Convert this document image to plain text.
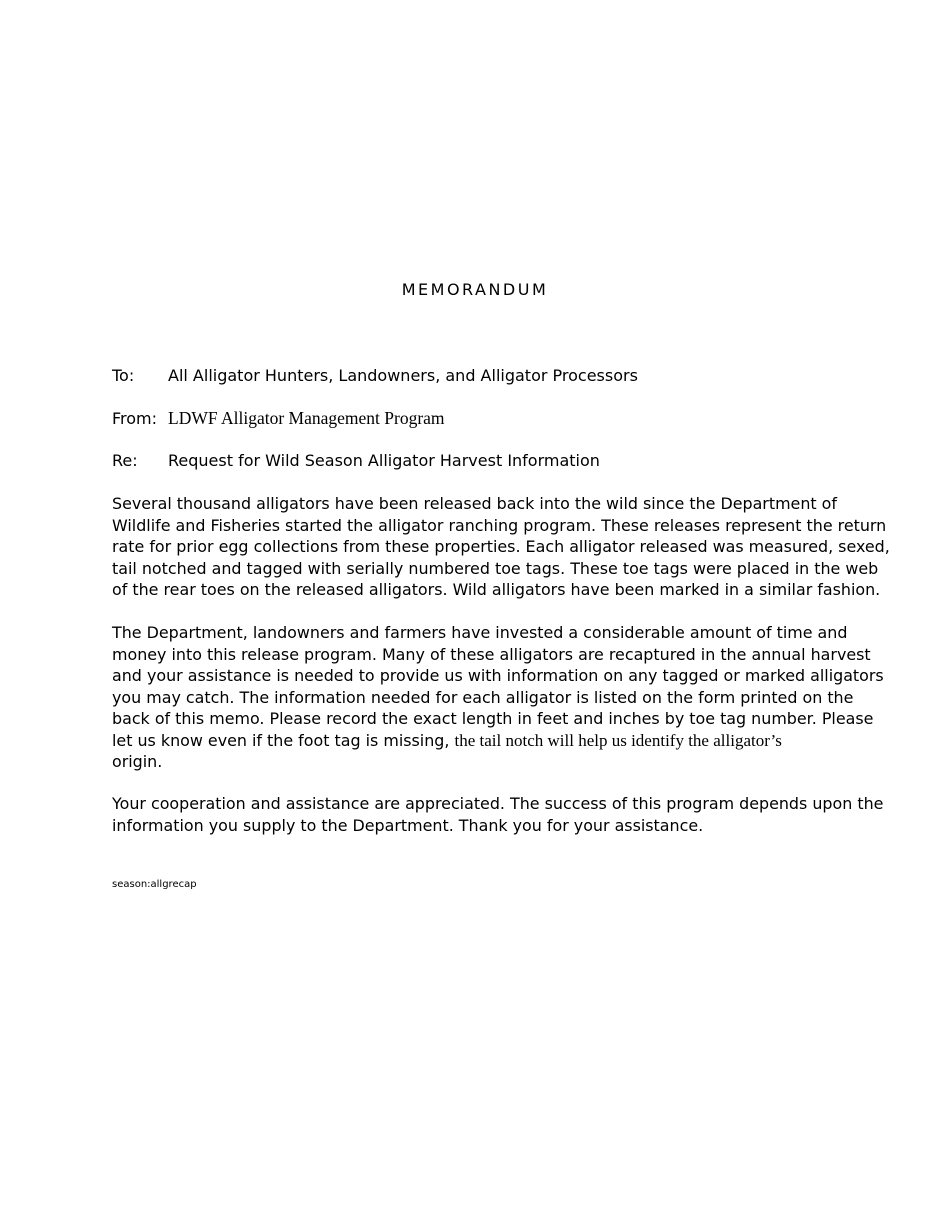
MEMORANDUM
To: All Alligator Hunters, Landowners, and Alligator Processors
From: LDWF Alligator Management Program
Re: Request for Wild Season Alligator Harvest Information

Several thousand alligators have been released back into the wild since the Department of
Wildlife and Fisheries started the alligator ranching program. These releases represent the return
rate for prior egg collections from these properties. Each alligator released was measured, sexed,
tail notched and tagged with serially numbered toe tags. These toe tags were placed in the web
of the rear toes on the released alligators. Wild alligators have been marked in a similar fashion.

The Department, landowners and farmers have invested a considerable amount of time and
money into this release program. Many of these alligators are recaptured in the annual harvest
and your assistance is needed to provide us with information on any tagged or marked alligators
you may catch. The information needed for each alligator is listed on the form printed on the
back of this memo. Please record the exact length in feet and inches by toe tag number. Please
let us know even if the foot tag is missing, the tail notch will help us identify the alligator’s
origin.

Your cooperation and assistance are appreciated. The success of this program depends upon the
information you supply to the Department. Thank you for your assistance.

season:allgrecap
